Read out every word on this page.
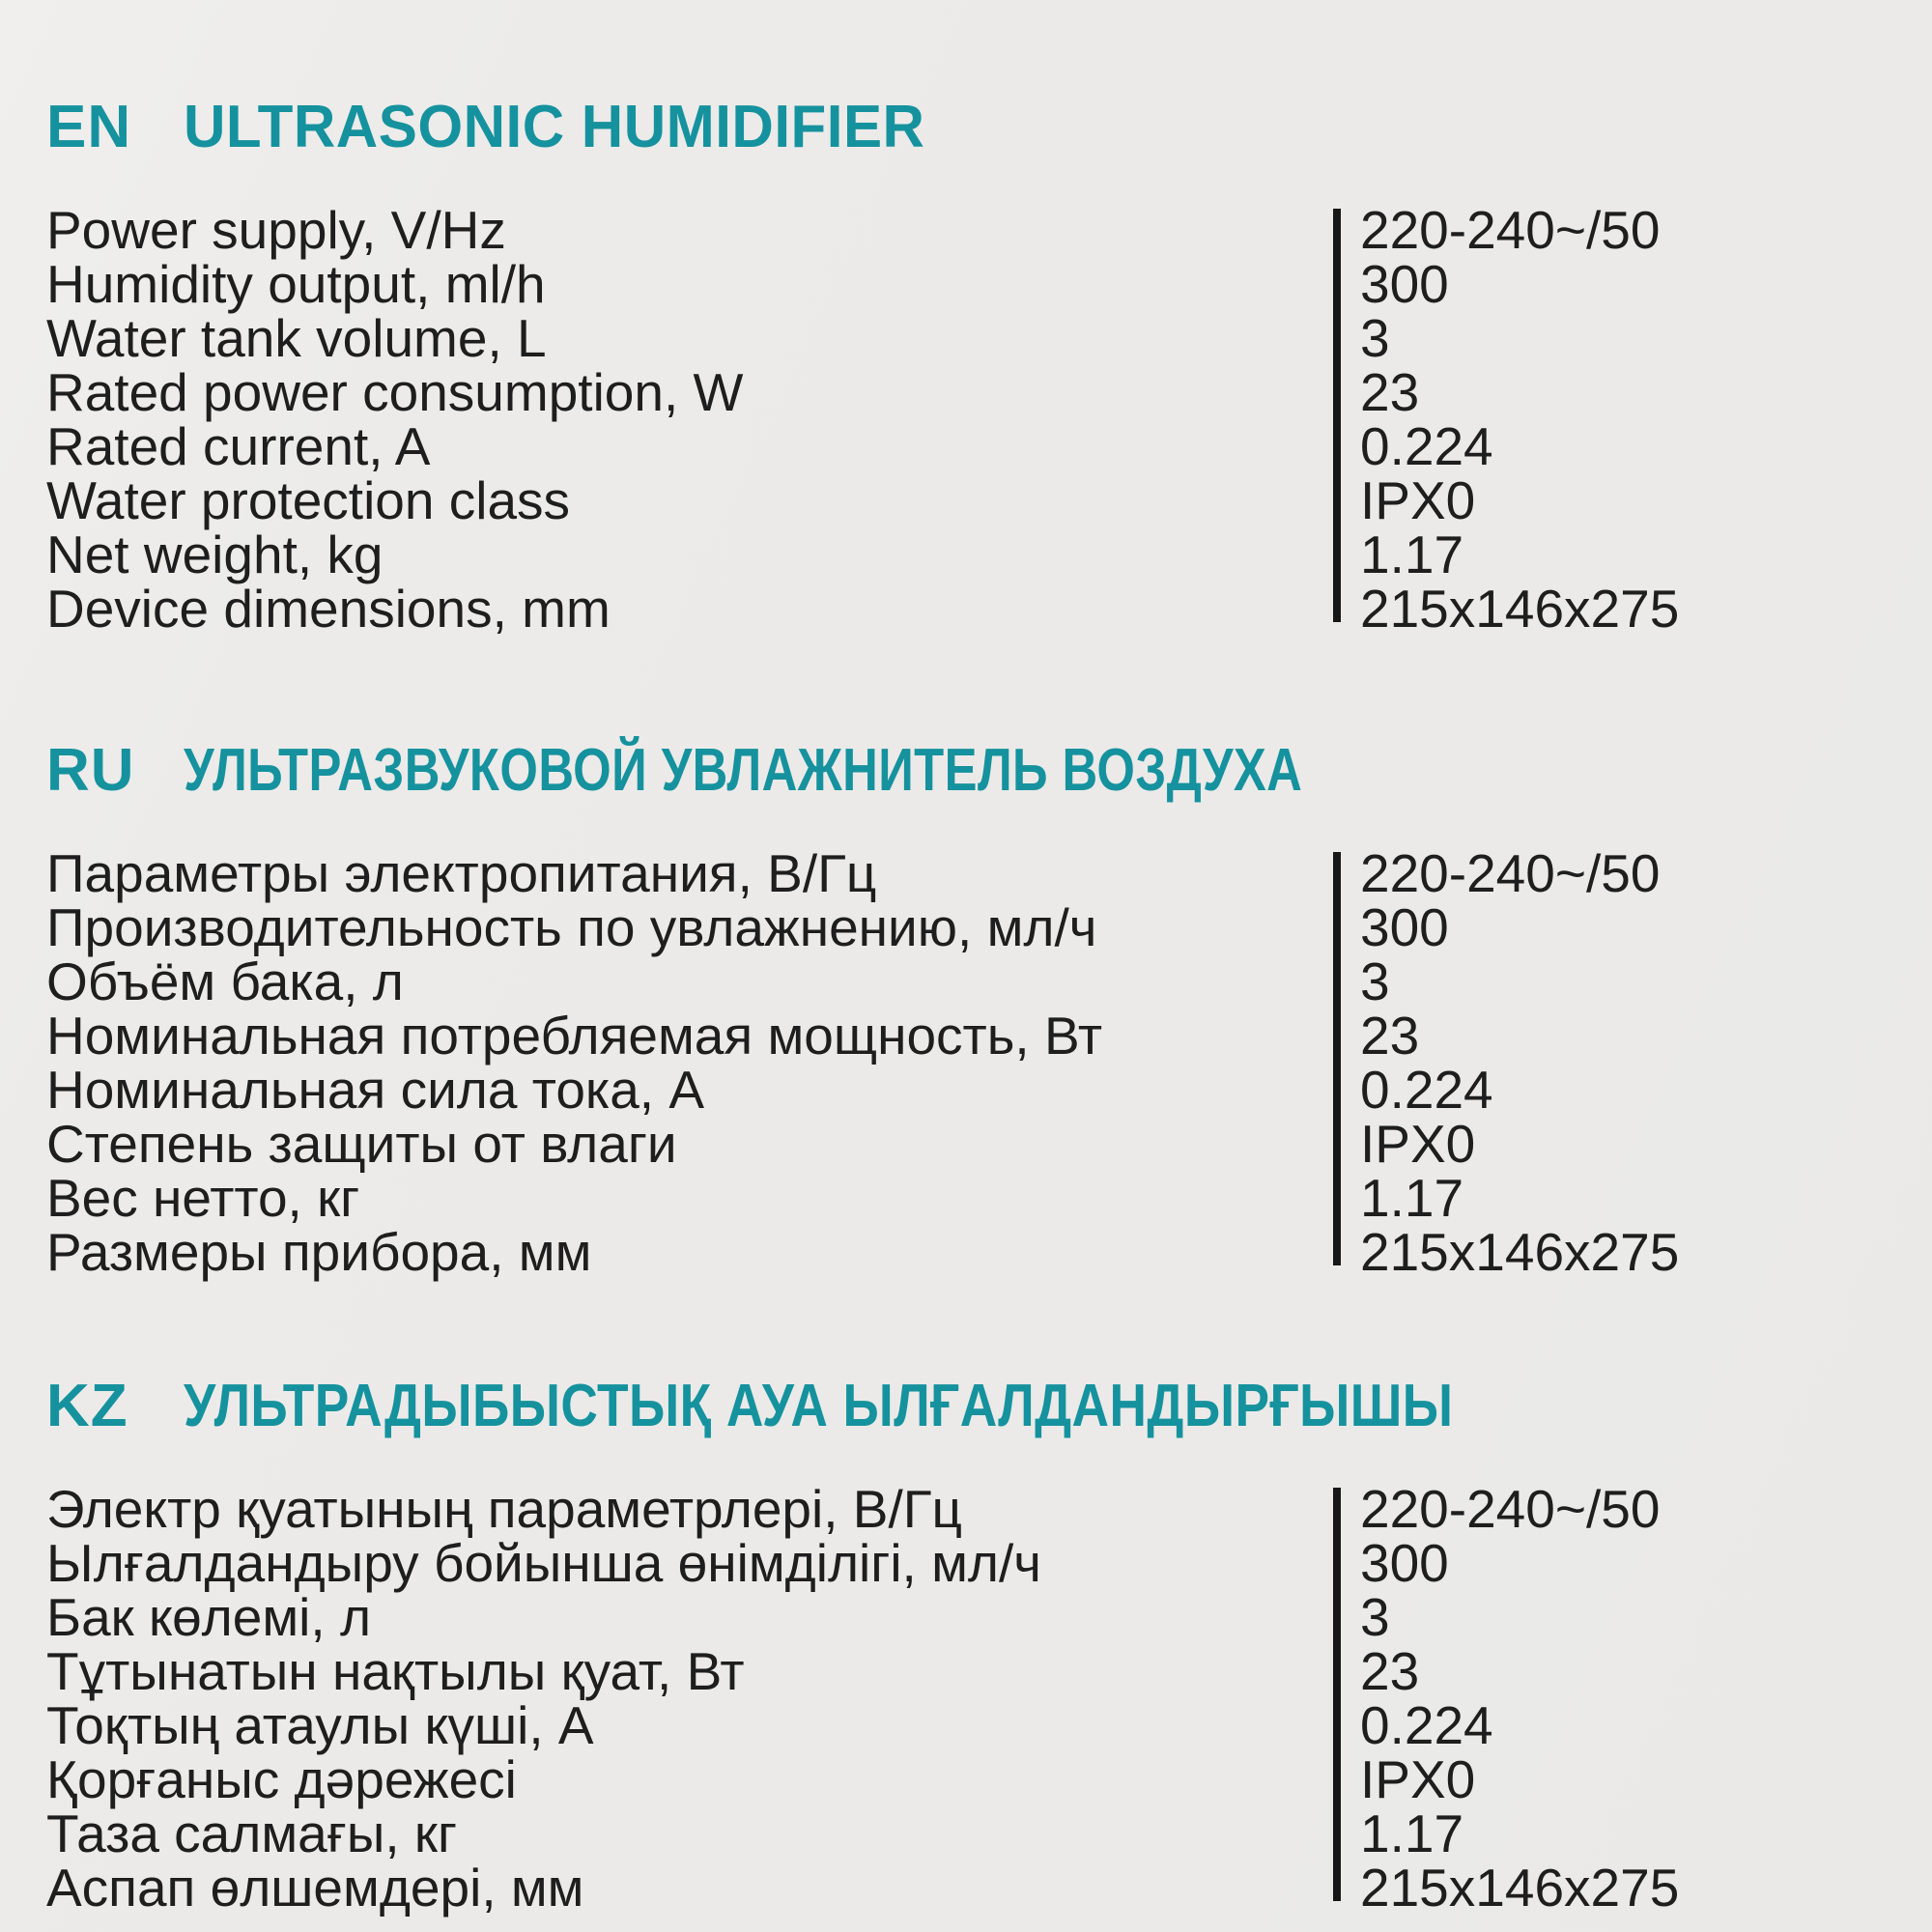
EN ULTRASONIC HUMIDIFIER
Power supply, V/Hz
Humidity output, ml/h
Water tank volume, L
Rated power consumption, W
Rated current, A
Water protection class
Net weight, kg
Device dimensions, mm
220-240~/50
300
3
23
0.224
IPX0
1.17
215x146x275
RU УЛЬТРАЗВУКОВОЙ УВЛАЖНИТЕЛЬ ВОЗДУХА
Параметры электропитания, В/Гц
Производительность по увлажнению, мл/ч
Объём бака, л
Номинальная потребляемая мощность, Вт
Номинальная сила тока, А
Степень защиты от влаги
Вес нетто, кг
Размеры прибора, мм
220-240~/50
300
3
23
0.224
IPX0
1.17
215x146x275
KZ УЛЬТРАДЫБЫСТЫҚ АУА ЫЛҒАЛДАНДЫРҒЫШЫ
Электр қуатының параметрлері, В/Гц
Ылғалдандыру бойынша өнімділігі, мл/ч
Бак көлемі, л
Тұтынатын нақтылы қуат, Вт
Тоқтың атаулы күші, А
Қорғаныс дәрежесі
Таза салмағы, кг
Аспап өлшемдері, мм
220-240~/50
300
3
23
0.224
IPX0
1.17
215x146x275
